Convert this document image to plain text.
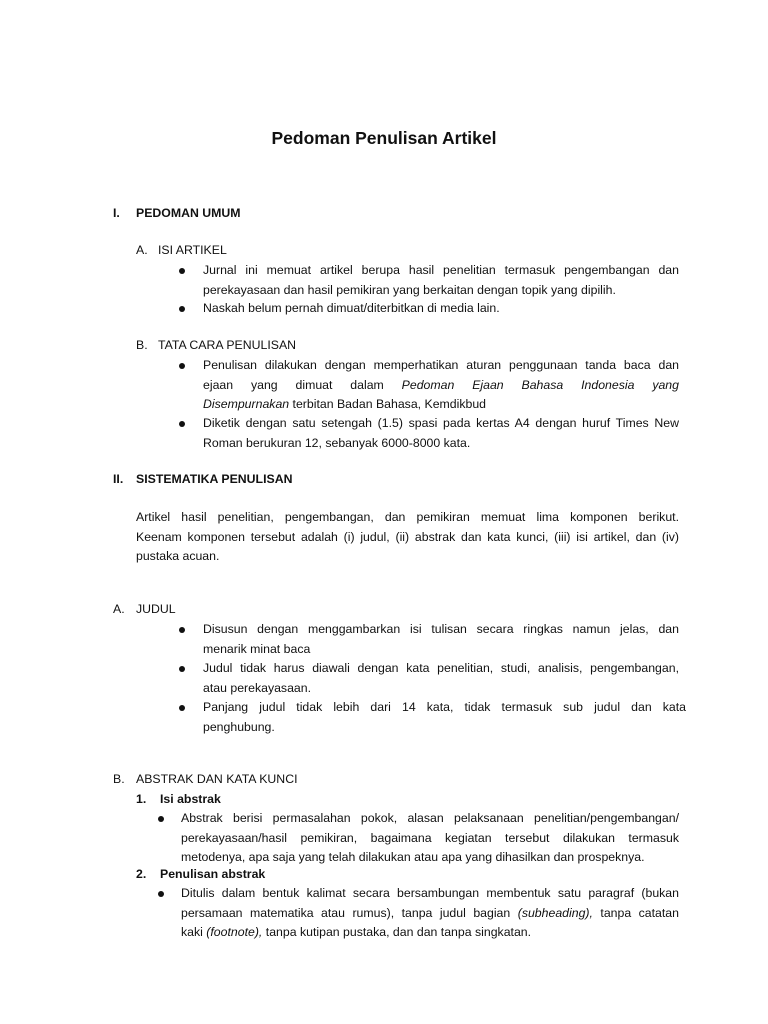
Pedoman Penulisan Artikel
I. PEDOMAN UMUM
A. ISI ARTIKEL
Jurnal ini memuat artikel berupa hasil penelitian termasuk pengembangan dan
perekayasaan dan hasil pemikiran yang berkaitan dengan topik yang dipilih.
Naskah belum pernah dimuat/diterbitkan di media lain.
B. TATA CARA PENULISAN
Penulisan dilakukan dengan memperhatikan aturan penggunaan tanda baca dan
ejaan yang dimuat dalam Pedoman Ejaan Bahasa Indonesia yang
Disempurnakan terbitan Badan Bahasa, Kemdikbud
Diketik dengan satu setengah (1.5) spasi pada kertas A4 dengan huruf Times New
Roman berukuran 12, sebanyak 6000-8000 kata.
II. SISTEMATIKA PENULISAN
Artikel hasil penelitian, pengembangan, dan pemikiran memuat lima komponen berikut.
Keenam komponen tersebut adalah (i) judul, (ii) abstrak dan kata kunci, (iii) isi artikel, dan (iv)
pustaka acuan.
A. JUDUL
Disusun dengan menggambarkan isi tulisan secara ringkas namun jelas, dan
menarik minat baca
Judul tidak harus diawali dengan kata penelitian, studi, analisis, pengembangan,
atau perekayasaan.
Panjang judul tidak lebih dari 14 kata, tidak termasuk sub judul dan kata
penghubung.
B. ABSTRAK DAN KATA KUNCI
1. Isi abstrak
Abstrak berisi permasalahan pokok, alasan pelaksanaan penelitian/pengembangan/
perekayasaan/hasil pemikiran, bagaimana kegiatan tersebut dilakukan termasuk
metodenya, apa saja yang telah dilakukan atau apa yang dihasilkan dan prospeknya.
2. Penulisan abstrak
Ditulis dalam bentuk kalimat secara bersambungan membentuk satu paragraf (bukan
persamaan matematika atau rumus), tanpa judul bagian (subheading), tanpa catatan
kaki (footnote), tanpa kutipan pustaka, dan dan tanpa singkatan.
